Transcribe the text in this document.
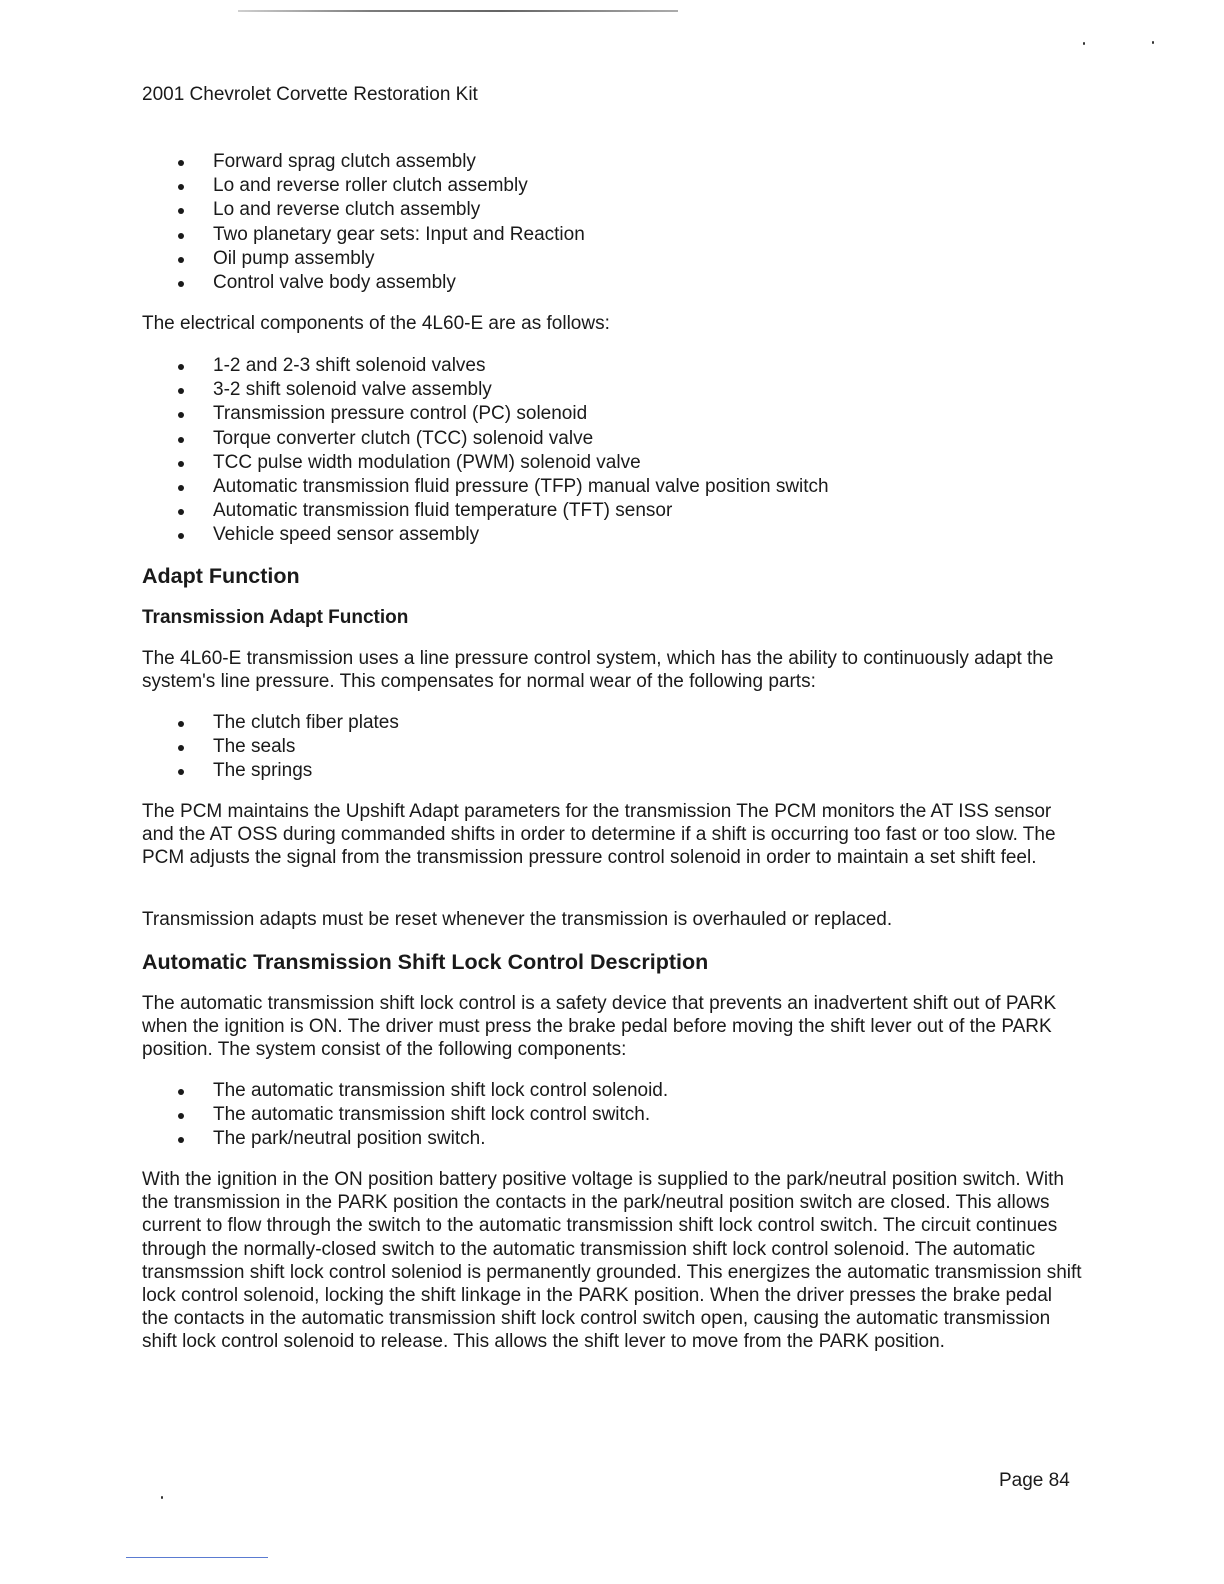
2001 Chevrolet Corvette Restoration Kit
Forward sprag clutch assembly
Lo and reverse roller clutch assembly
Lo and reverse clutch assembly
Two planetary gear sets: Input and Reaction
Oil pump assembly
Control valve body assembly

The electrical components of the 4L60-E are as follows:

1-2 and 2-3 shift solenoid valves
3-2 shift solenoid valve assembly
Transmission pressure control (PC) solenoid
Torque converter clutch (TCC) solenoid valve
TCC pulse width modulation (PWM) solenoid valve
Automatic transmission fluid pressure (TFP) manual valve position switch
Automatic transmission fluid temperature (TFT) sensor
Vehicle speed sensor assembly
Adapt Function
Transmission Adapt Function

The 4L60-E transmission uses a line pressure control system, which has the ability to continuously adapt the system's line pressure. This compensates for normal wear of the following parts:

The clutch fiber plates
The seals
The springs

The PCM maintains the Upshift Adapt parameters for the transmission The PCM monitors the AT ISS sensor and the AT OSS during commanded shifts in order to determine if a shift is occurring too fast or too slow. The PCM adjusts the signal from the transmission pressure control solenoid in order to maintain a set shift feel.

Transmission adapts must be reset whenever the transmission is overhauled or replaced.

Automatic Transmission Shift Lock Control Description

The automatic transmission shift lock control is a safety device that prevents an inadvertent shift out of PARK when the ignition is ON. The driver must press the brake pedal before moving the shift lever out of the PARK position. The system consist of the following components:

The automatic transmission shift lock control solenoid.
The automatic transmission shift lock control switch.
The park/neutral position switch.

With the ignition in the ON position battery positive voltage is supplied to the park/neutral position switch. With the transmission in the PARK position the contacts in the park/neutral position switch are closed. This allows current to flow through the switch to the automatic transmission shift lock control switch. The circuit continues through the normally-closed switch to the automatic transmission shift lock control solenoid. The automatic transmssion shift lock control soleniod is permanently grounded. This energizes the automatic transmission shift lock control solenoid, locking the shift linkage in the PARK position. When the driver presses the brake pedal the contacts in the automatic transmission shift lock control switch open, causing the automatic transmission shift lock control solenoid to release. This allows the shift lever to move from the PARK position.

Page 84
